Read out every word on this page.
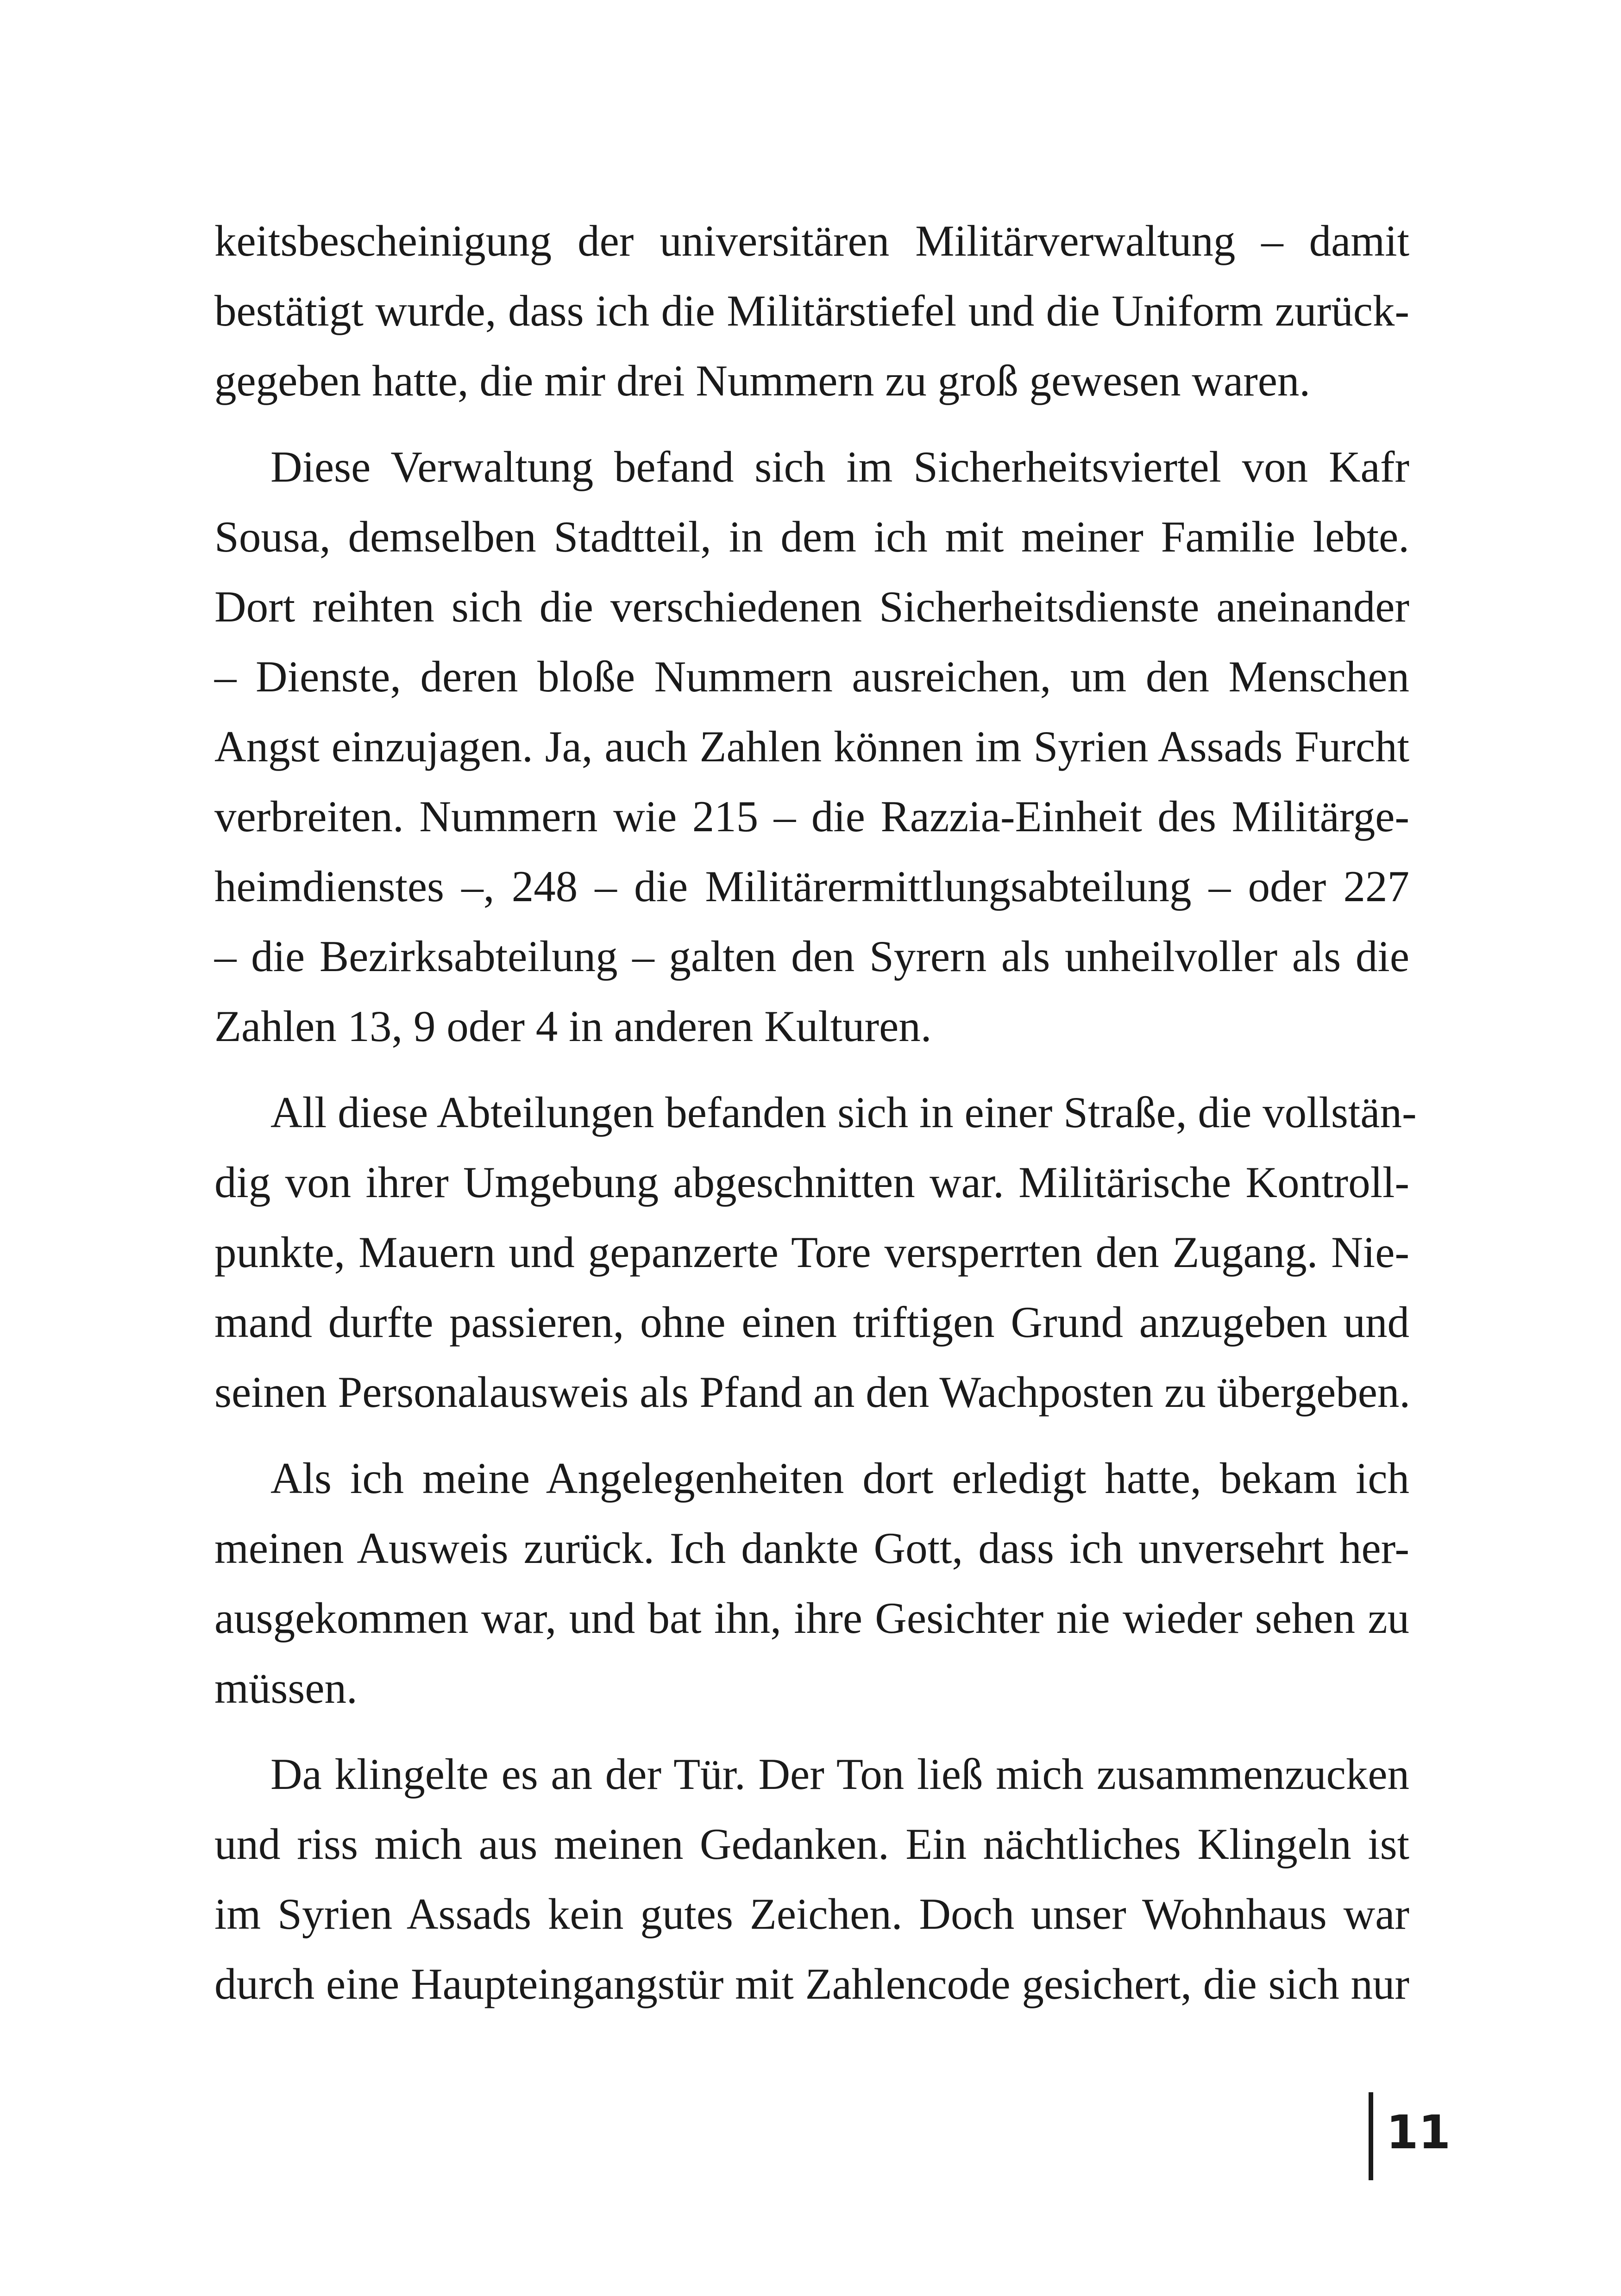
keitsbescheinigung der universitären Militärverwaltung – damit
bestätigt wurde, dass ich die Militärstiefel und die Uniform zurück-
gegeben hatte, die mir drei Nummern zu groß gewesen waren.

Diese Verwaltung befand sich im Sicherheitsviertel von Kafr
Sousa, demselben Stadtteil, in dem ich mit meiner Familie lebte.
Dort reihten sich die verschiedenen Sicherheitsdienste aneinander
– Dienste, deren bloße Nummern ausreichen, um den Menschen
Angst einzujagen. Ja, auch Zahlen können im Syrien Assads Furcht
verbreiten. Nummern wie 215 – die Razzia-Einheit des Militärge-
heimdienstes –, 248 – die Militärermittlungsabteilung – oder 227
– die Bezirksabteilung – galten den Syrern als unheilvoller als die
Zahlen 13, 9 oder 4 in anderen Kulturen.

All diese Abteilungen befanden sich in einer Straße, die vollstän-
dig von ihrer Umgebung abgeschnitten war. Militärische Kontroll-
punkte, Mauern und gepanzerte Tore versperrten den Zugang. Nie-
mand durfte passieren, ohne einen triftigen Grund anzugeben und
seinen Personalausweis als Pfand an den Wachposten zu übergeben.

Als ich meine Angelegenheiten dort erledigt hatte, bekam ich
meinen Ausweis zurück. Ich dankte Gott, dass ich unversehrt her-
ausgekommen war, und bat ihn, ihre Gesichter nie wieder sehen zu
müssen.

Da klingelte es an der Tür. Der Ton ließ mich zusammenzucken
und riss mich aus meinen Gedanken. Ein nächtliches Klingeln ist
im Syrien Assads kein gutes Zeichen. Doch unser Wohnhaus war
durch eine Haupteingangstür mit Zahlencode gesichert, die sich nur

11
